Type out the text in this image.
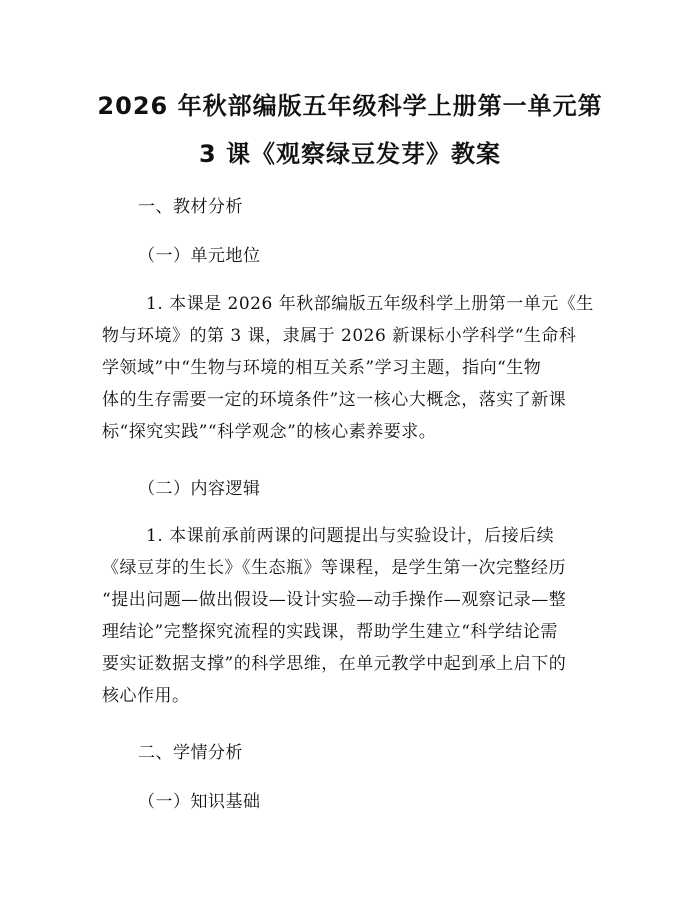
2026 年秋部编版五年级科学上册第一单元第
3 课《观察绿豆发芽》教案
一、教材分析
（一）单元地位
1. 本课是 2026 年秋部编版五年级科学上册第一单元《生
物与环境》的第 3 课，隶属于 2026 新课标小学科学“生命科
学领域”中“生物与环境的相互关系”学习主题，指向“生物
体的生存需要一定的环境条件”这一核心大概念，落实了新课
标“探究实践”“科学观念”的核心素养要求。
（二）内容逻辑
1. 本课前承前两课的问题提出与实验设计，后接后续
《绿豆芽的生长》《生态瓶》等课程，是学生第一次完整经历
“提出问题—做出假设—设计实验—动手操作—观察记录—整
理结论”完整探究流程的实践课，帮助学生建立“科学结论需
要实证数据支撑”的科学思维，在单元教学中起到承上启下的
核心作用。
二、学情分析
（一）知识基础
